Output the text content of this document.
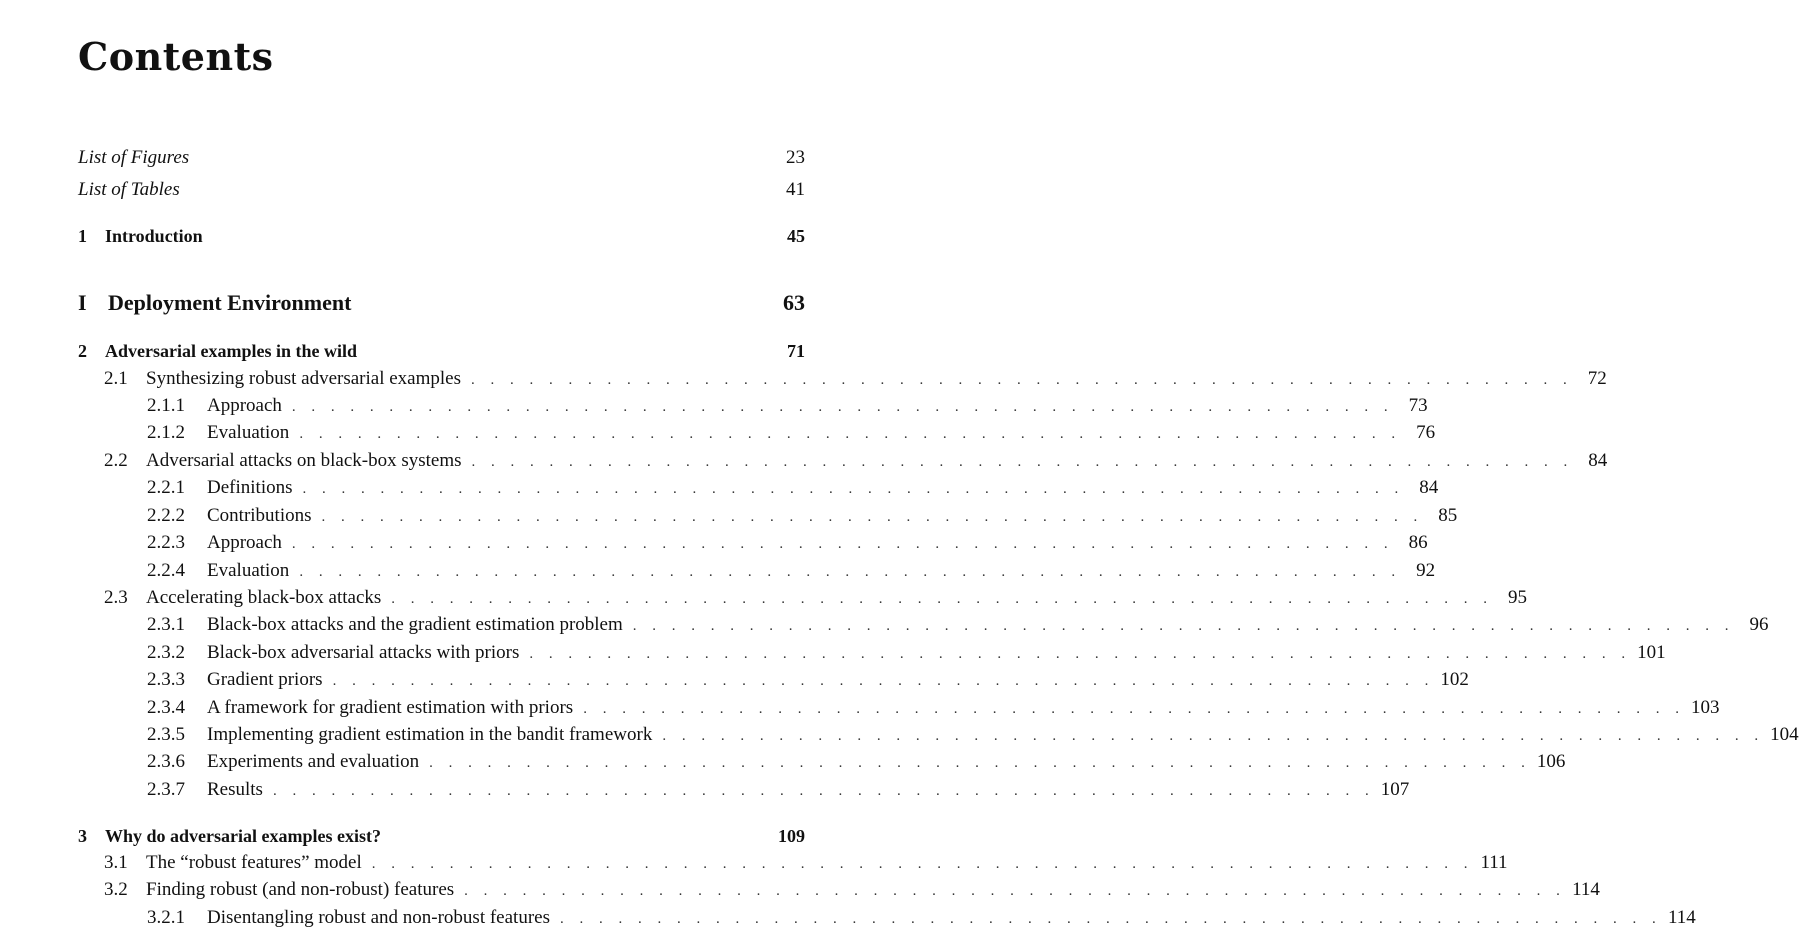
Contents
List of Figures	23
List of Tables	41
1	Introduction	45
I Deployment Environment	63
2	Adversarial examples in the wild	71
2.1 Synthesizing robust adversarial examples . . . . . . . . . . . . . . . . . . . . . . . . . . . . . . . . . . . . . . . . . . . . . . . . . . . . . . . . . 72
2.1.1	Approach . . . . . . . . . . . . . . . . . . . . . . . . . . . . . . . . . . . . . . . . . . . . . . . . . . . . . . . . . 73
2.1.2	Evaluation . . . . . . . . . . . . . . . . . . . . . . . . . . . . . . . . . . . . . . . . . . . . . . . . . . . . . . . . . 76
2.2 Adversarial attacks on black-box systems . . . . . . . . . . . . . . . . . . . . . . . . . . . . . . . . . . . . . . . . . . . . . . . . . . . . . . . . . 84
2.2.1	Definitions . . . . . . . . . . . . . . . . . . . . . . . . . . . . . . . . . . . . . . . . . . . . . . . . . . . . . . . . . 84
2.2.2	Contributions . . . . . . . . . . . . . . . . . . . . . . . . . . . . . . . . . . . . . . . . . . . . . . . . . . . . . . . . . 85
2.2.3	Approach . . . . . . . . . . . . . . . . . . . . . . . . . . . . . . . . . . . . . . . . . . . . . . . . . . . . . . . . . 86
2.2.4	Evaluation . . . . . . . . . . . . . . . . . . . . . . . . . . . . . . . . . . . . . . . . . . . . . . . . . . . . . . . . . 92
2.3 Accelerating black-box attacks . . . . . . . . . . . . . . . . . . . . . . . . . . . . . . . . . . . . . . . . . . . . . . . . . . . . . . . . . 95
2.3.1	Black-box attacks and the gradient estimation problem . . . . . . . . . . . . . . . . . . . . . . . . . . . . . . . . . . . . . . . . . . . . . . . . . . . . . . . . . 96
2.3.2	Black-box adversarial attacks with priors . . . . . . . . . . . . . . . . . . . . . . . . . . . . . . . . . . . . . . . . . . . . . . . . . . . . . . . . . 101
2.3.3	Gradient priors . . . . . . . . . . . . . . . . . . . . . . . . . . . . . . . . . . . . . . . . . . . . . . . . . . . . . . . . . 102
2.3.4	A framework for gradient estimation with priors . . . . . . . . . . . . . . . . . . . . . . . . . . . . . . . . . . . . . . . . . . . . . . . . . . . . . . . . . 103
2.3.5	Implementing gradient estimation in the bandit framework . . . . . . . . . . . . . . . . . . . . . . . . . . . . . . . . . . . . . . . . . . . . . . . . . . . . . . . . . 104
2.3.6	Experiments and evaluation . . . . . . . . . . . . . . . . . . . . . . . . . . . . . . . . . . . . . . . . . . . . . . . . . . . . . . . . . 106
2.3.7	Results . . . . . . . . . . . . . . . . . . . . . . . . . . . . . . . . . . . . . . . . . . . . . . . . . . . . . . . . . 107
3	Why do adversarial examples exist?	109
3.1 The “robust features” model . . . . . . . . . . . . . . . . . . . . . . . . . . . . . . . . . . . . . . . . . . . . . . . . . . . . . . . . . 111
3.2 Finding robust (and non-robust) features . . . . . . . . . . . . . . . . . . . . . . . . . . . . . . . . . . . . . . . . . . . . . . . . . . . . . . . . . 114
3.2.1	Disentangling robust and non-robust features . . . . . . . . . . . . . . . . . . . . . . . . . . . . . . . . . . . . . . . . . . . . . . . . . . . . . . . . . 114
